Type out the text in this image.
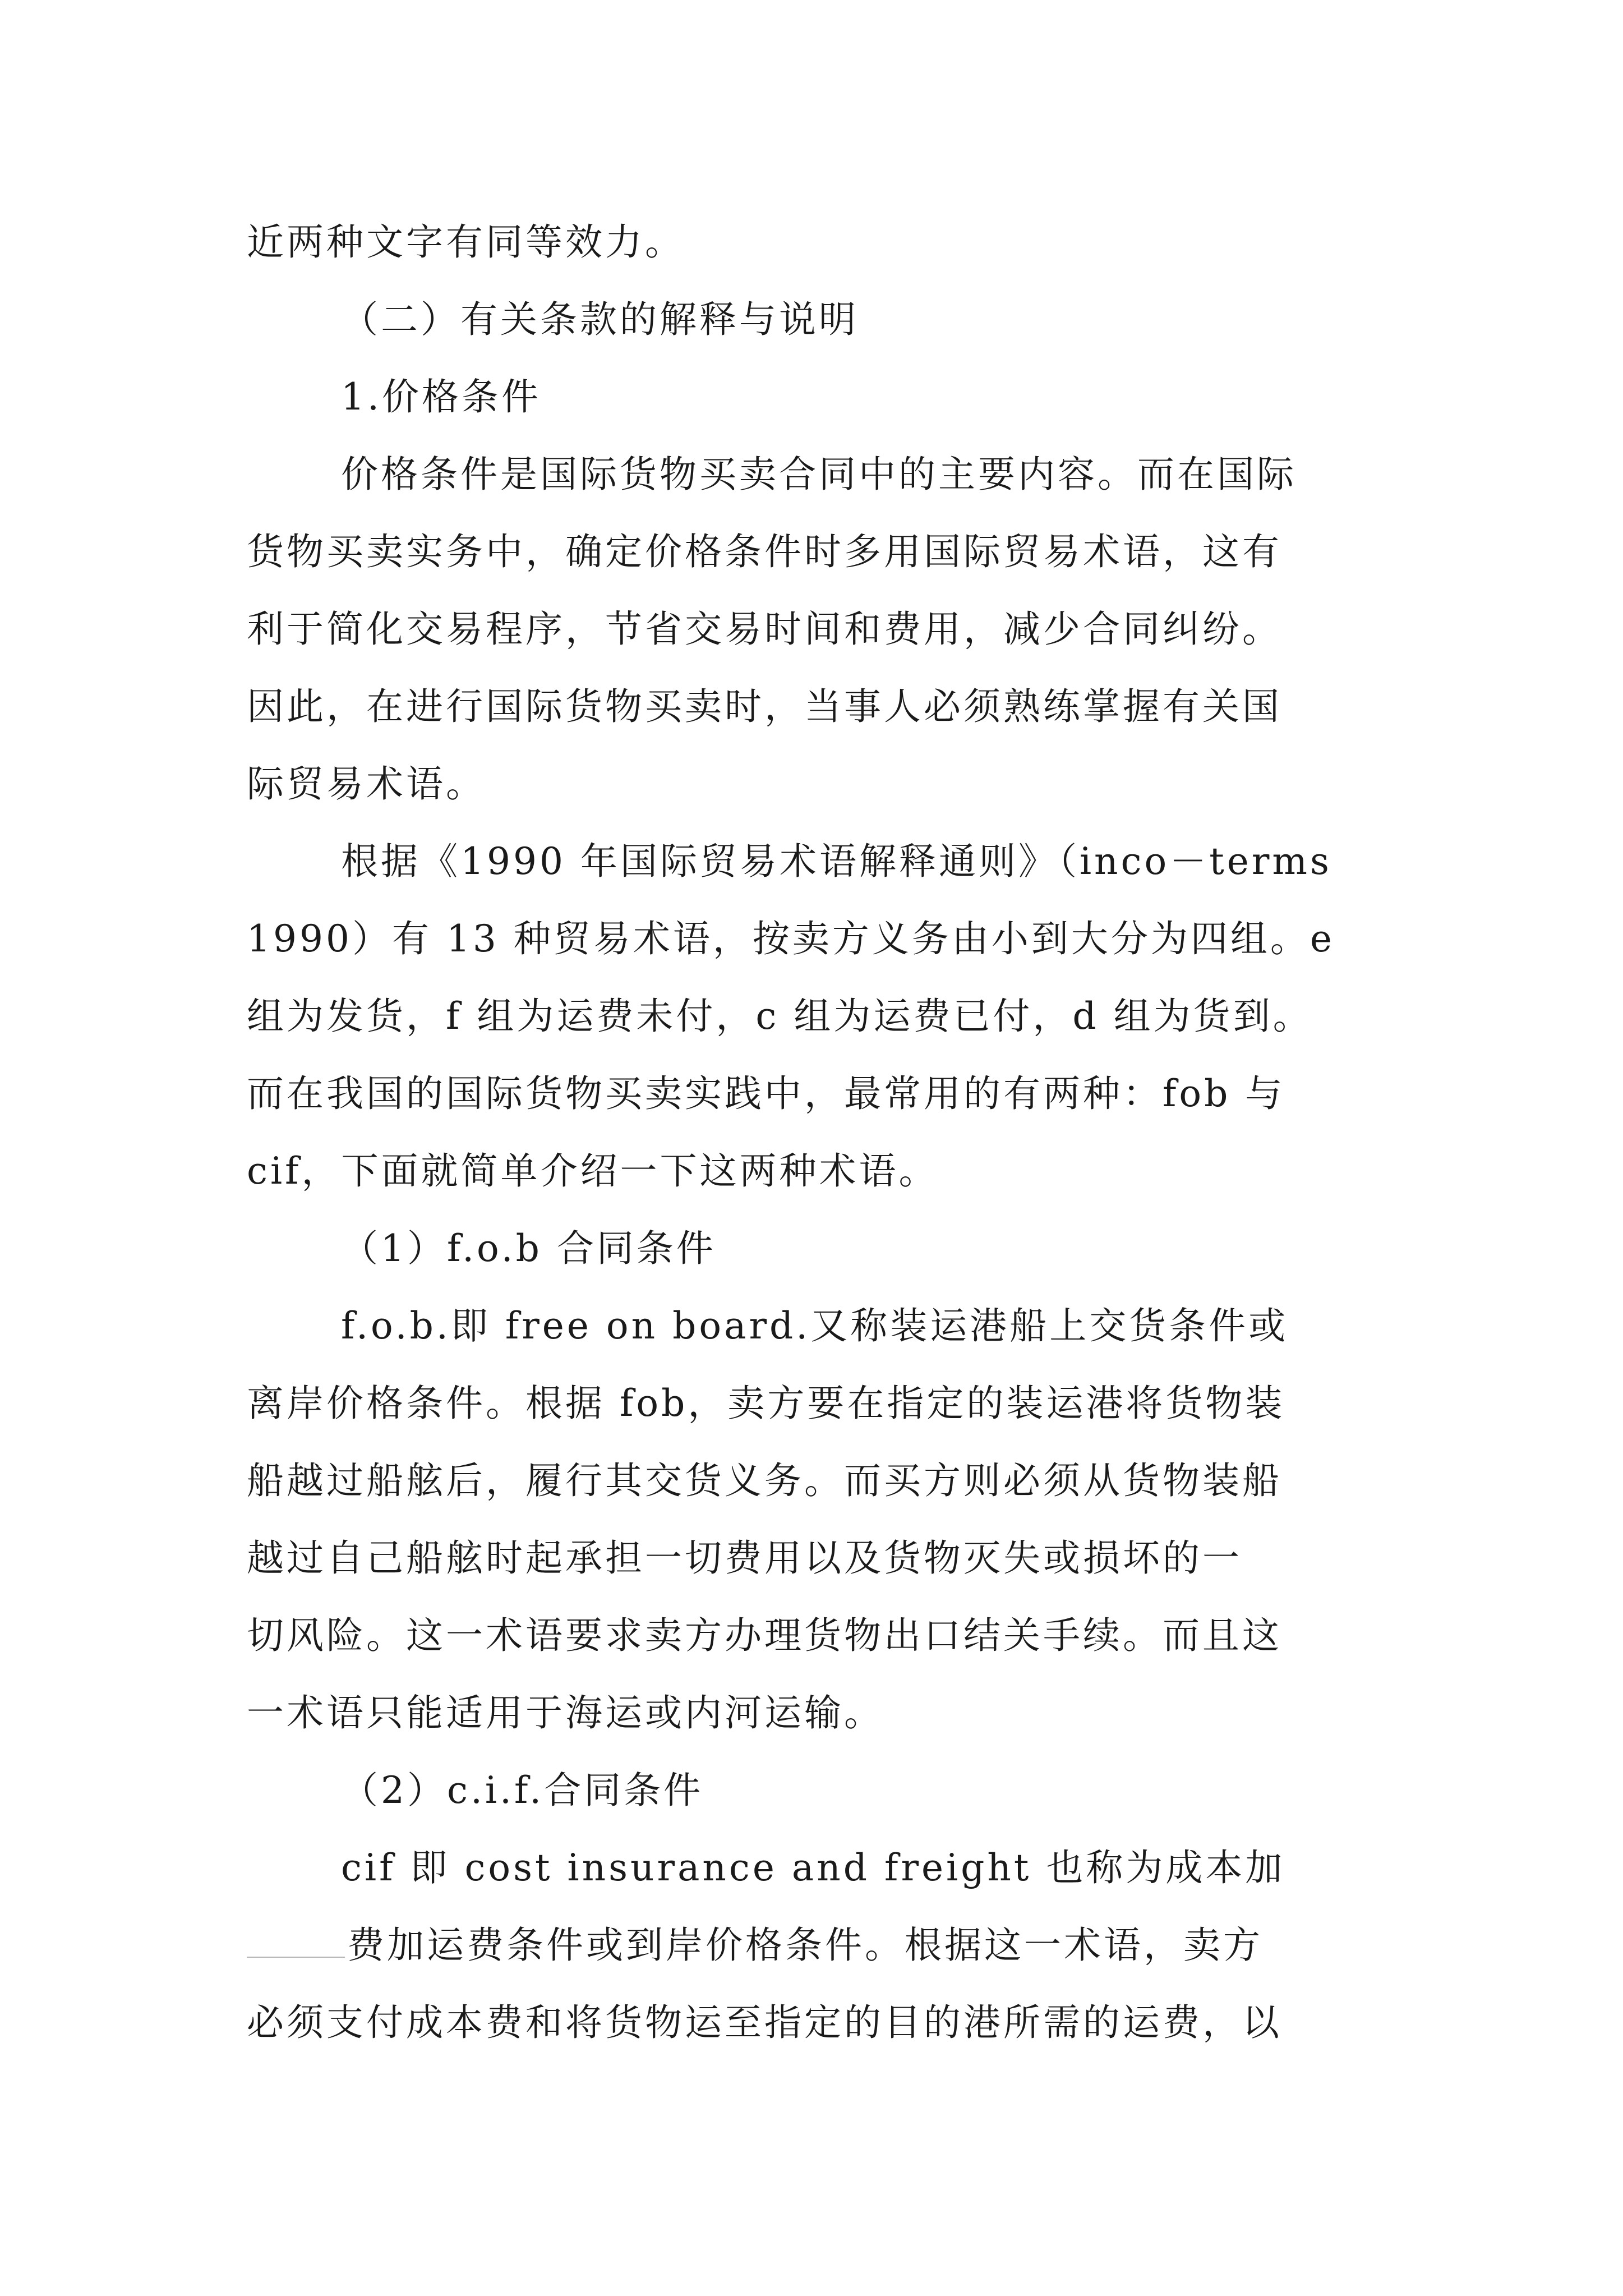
近两种文字有同等效力。
（二）有关条款的解释与说明
1.价格条件
价格条件是国际货物买卖合同中的主要内容。而在国际
货物买卖实务中，确定价格条件时多用国际贸易术语，这有
利于简化交易程序，节省交易时间和费用，减少合同纠纷。
因此，在进行国际货物买卖时，当事人必须熟练掌握有关国
际贸易术语。
根据《1990 年国际贸易术语解释通则》（inco－terms
1990）有 13 种贸易术语，按卖方义务由小到大分为四组。e
组为发货，f 组为运费未付，c 组为运费已付，d 组为货到。
而在我国的国际货物买卖实践中，最常用的有两种：fob 与
cif，下面就简单介绍一下这两种术语。
（1）f.o.b 合同条件
f.o.b.即 free on board.又称装运港船上交货条件或
离岸价格条件。根据 fob，卖方要在指定的装运港将货物装
船越过船舷后，履行其交货义务。而买方则必须从货物装船
越过自己船舷时起承担一切费用以及货物灭失或损坏的一
切风险。这一术语要求卖方办理货物出口结关手续。而且这
一术语只能适用于海运或内河运输。
（2）c.i.f.合同条件
cif 即 cost insurance and freight 也称为成本加
费加运费条件或到岸价格条件。根据这一术语，卖方
必须支付成本费和将货物运至指定的目的港所需的运费，以
